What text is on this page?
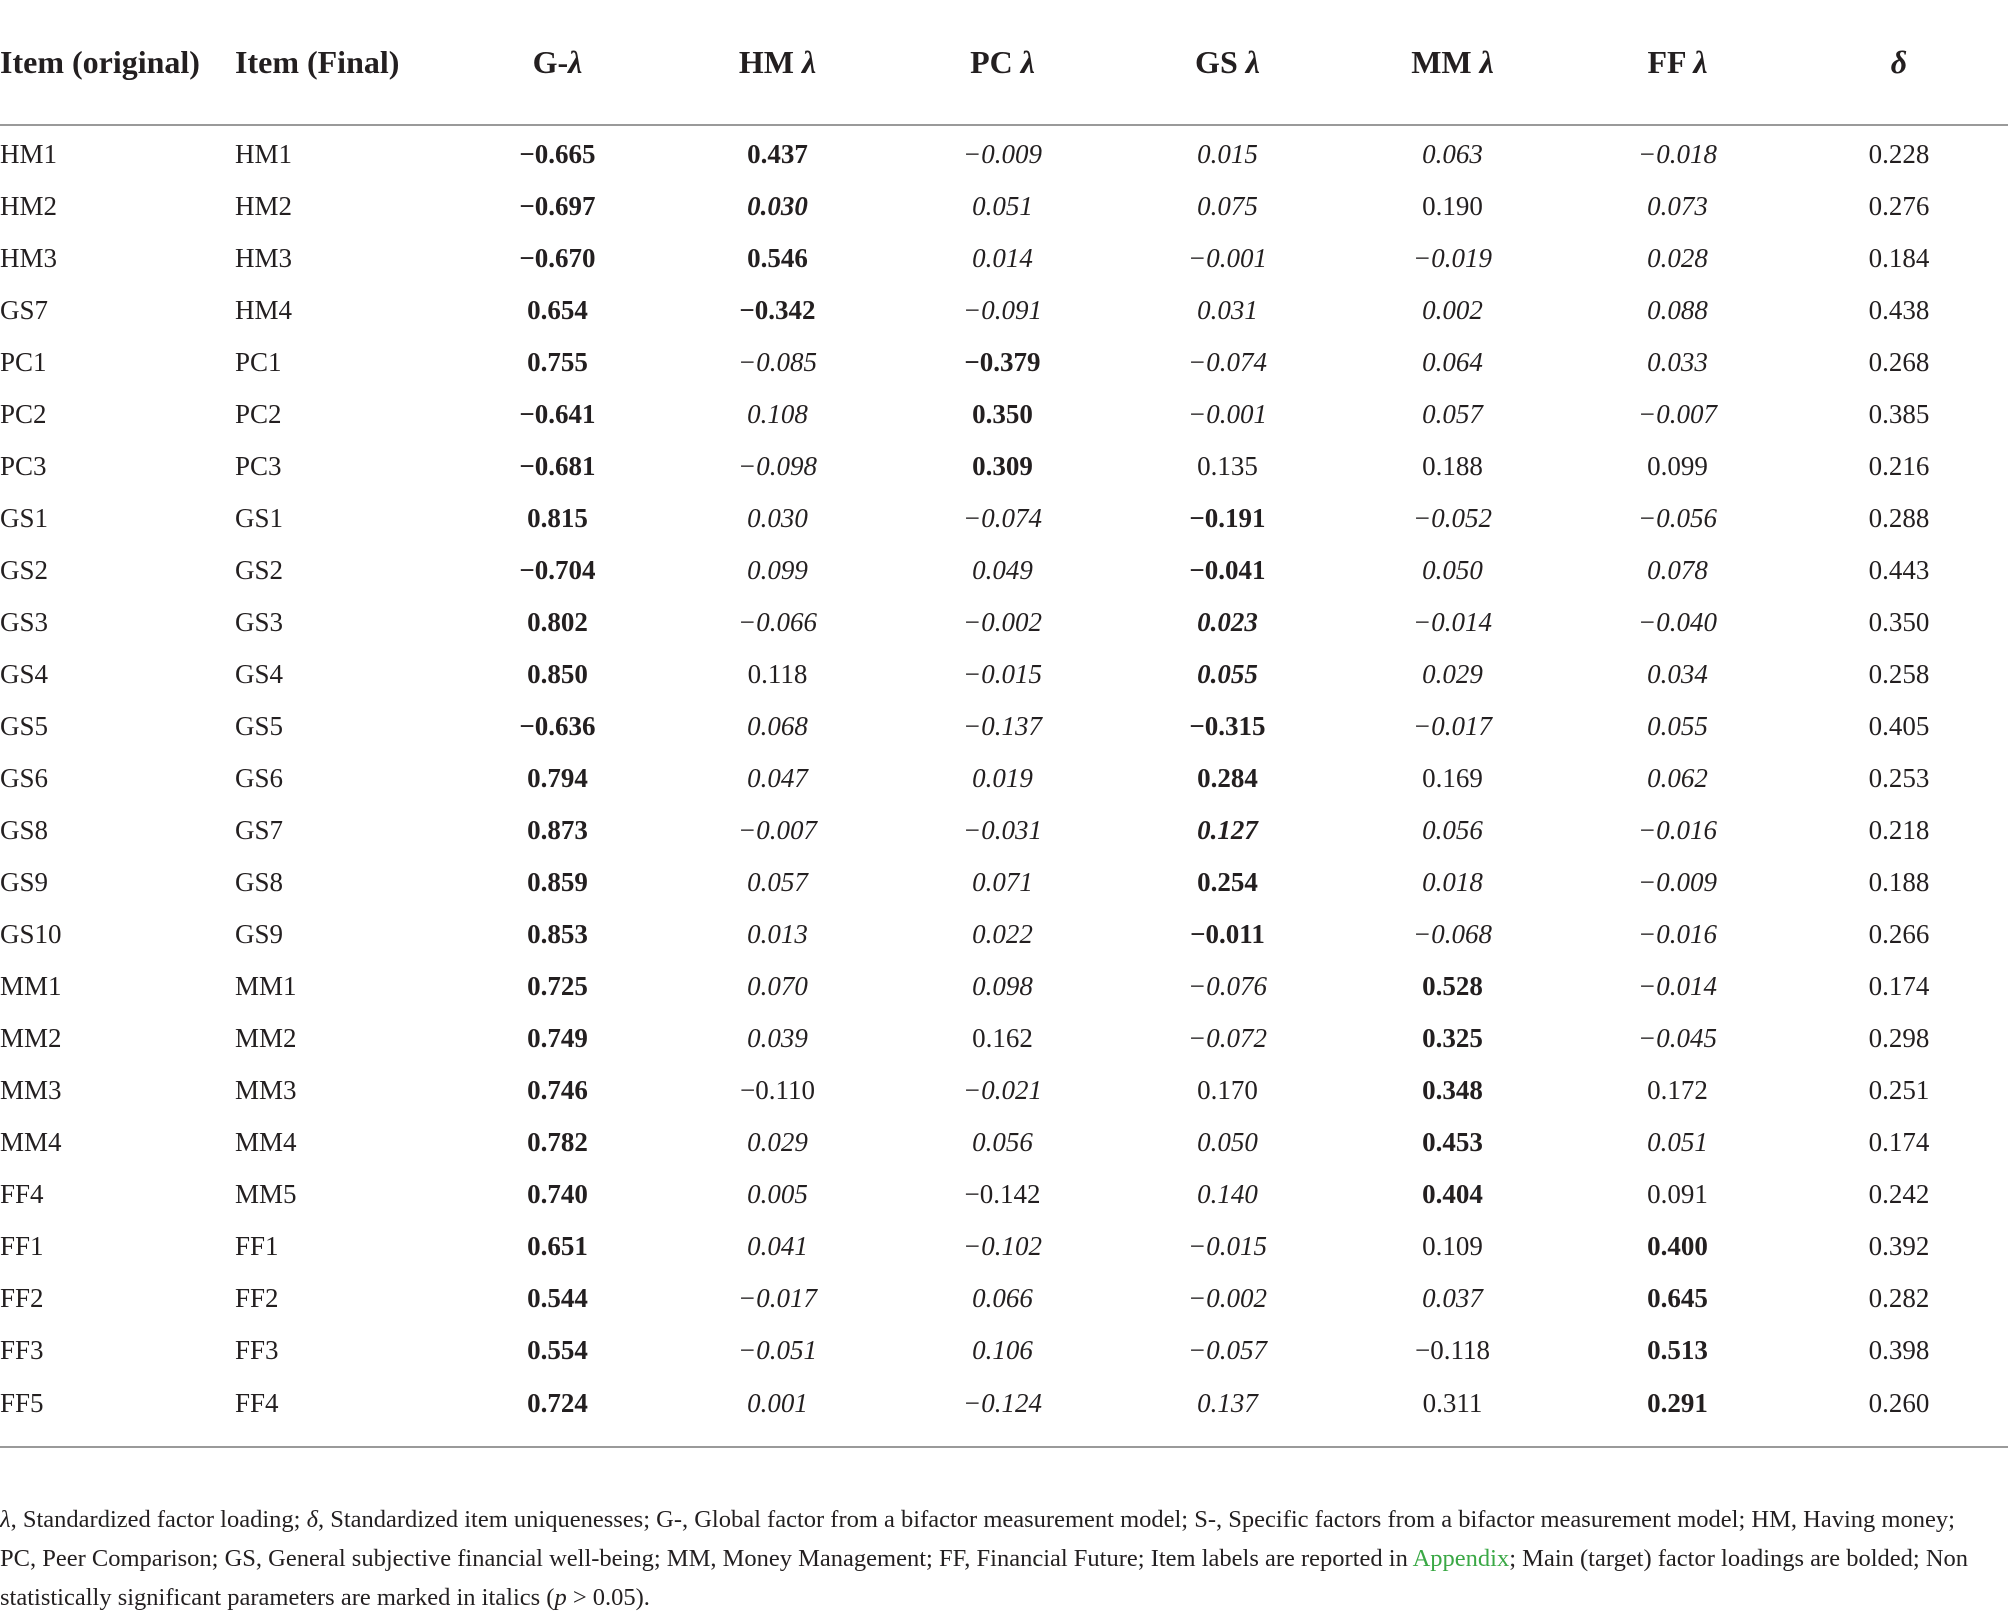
Item (original)	Item (Final)	G-λ	HM λ	PC λ	GS λ	MM λ	FF λ	δ
HM1	HM1	−0.665	0.437	−0.009	0.015	0.063	−0.018	0.228
HM2	HM2	−0.697	0.030	0.051	0.075	0.190	0.073	0.276
HM3	HM3	−0.670	0.546	0.014	−0.001	−0.019	0.028	0.184
GS7	HM4	0.654	−0.342	−0.091	0.031	0.002	0.088	0.438
PC1	PC1	0.755	−0.085	−0.379	−0.074	0.064	0.033	0.268
PC2	PC2	−0.641	0.108	0.350	−0.001	0.057	−0.007	0.385
PC3	PC3	−0.681	−0.098	0.309	0.135	0.188	0.099	0.216
GS1	GS1	0.815	0.030	−0.074	−0.191	−0.052	−0.056	0.288
GS2	GS2	−0.704	0.099	0.049	−0.041	0.050	0.078	0.443
GS3	GS3	0.802	−0.066	−0.002	0.023	−0.014	−0.040	0.350
GS4	GS4	0.850	0.118	−0.015	0.055	0.029	0.034	0.258
GS5	GS5	−0.636	0.068	−0.137	−0.315	−0.017	0.055	0.405
GS6	GS6	0.794	0.047	0.019	0.284	0.169	0.062	0.253
GS8	GS7	0.873	−0.007	−0.031	0.127	0.056	−0.016	0.218
GS9	GS8	0.859	0.057	0.071	0.254	0.018	−0.009	0.188
GS10	GS9	0.853	0.013	0.022	−0.011	−0.068	−0.016	0.266
MM1	MM1	0.725	0.070	0.098	−0.076	0.528	−0.014	0.174
MM2	MM2	0.749	0.039	0.162	−0.072	0.325	−0.045	0.298
MM3	MM3	0.746	−0.110	−0.021	0.170	0.348	0.172	0.251
MM4	MM4	0.782	0.029	0.056	0.050	0.453	0.051	0.174
FF4	MM5	0.740	0.005	−0.142	0.140	0.404	0.091	0.242
FF1	FF1	0.651	0.041	−0.102	−0.015	0.109	0.400	0.392
FF2	FF2	0.544	−0.017	0.066	−0.002	0.037	0.645	0.282
FF3	FF3	0.554	−0.051	0.106	−0.057	−0.118	0.513	0.398
FF5	FF4	0.724	0.001	−0.124	0.137	0.311	0.291	0.260
λ, Standardized factor loading; δ, Standardized item uniquenesses; G-, Global factor from a bifactor measurement model; S-, Specific factors from a bifactor measurement model; HM, Having money; PC, Peer Comparison; GS, General subjective financial well-being; MM, Money Management; FF, Financial Future; Item labels are reported in Appendix; Main (target) factor loadings are bolded; Non statistically significant parameters are marked in italics (p > 0.05).
